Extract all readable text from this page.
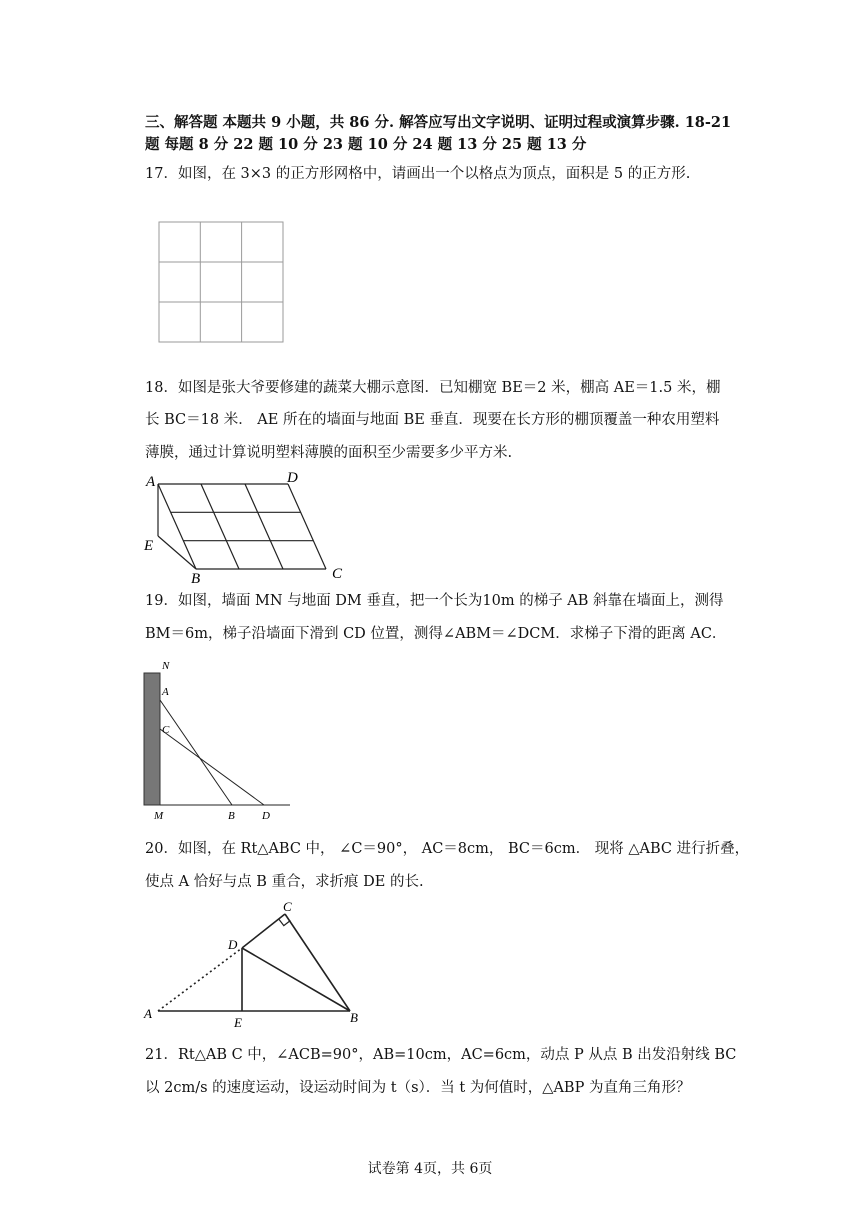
三、解答题 本题共 9 小题，共 86 分. 解答应写出文字说明、证明过程或演算步骤. 18-21
题 每题 8 分 22 题 10 分 23 题 10 分 24 题 13 分 25 题 13 分
17．如图，在 3×3 的正方形网格中，请画出一个以格点为顶点，面积是 5 的正方形.
18．如图是张大爷要修建的蔬菜大棚示意图．已知棚宽 BE＝2 米，棚高 AE＝1.5 米，棚
长 BC＝18 米． AE 所在的墙面与地面 BE 垂直．现要在长方形的棚顶覆盖一种农用塑料
薄膜，通过计算说明塑料薄膜的面积至少需要多少平方米.
A	D
E
B	C
19．如图，墙面 MN 与地面 DM 垂直，把一个长为10m 的梯子 AB 斜靠在墙面上，测得
BM＝6m，梯子沿墙面下滑到 CD 位置，测得∠ABM＝∠DCM．求梯子下滑的距离 AC．
N
A
C
M	B D
20．如图，在 Rt△ABC 中， ∠C＝90°， AC＝8cm， BC＝6cm． 现将 △ABC 进行折叠，
使点 A 恰好与点 B 重合，求折痕 DE 的长.
C
D
A
E	B
21．Rt△AB C 中，∠ACB=90°，AB=10cm，AC=6cm，动点 P 从点 B 出发沿射线 BC
以 2cm/s 的速度运动，设运动时间为 t（s）．当 t 为何值时，△ABP 为直角三角形？
试卷第 4页，共 6页
